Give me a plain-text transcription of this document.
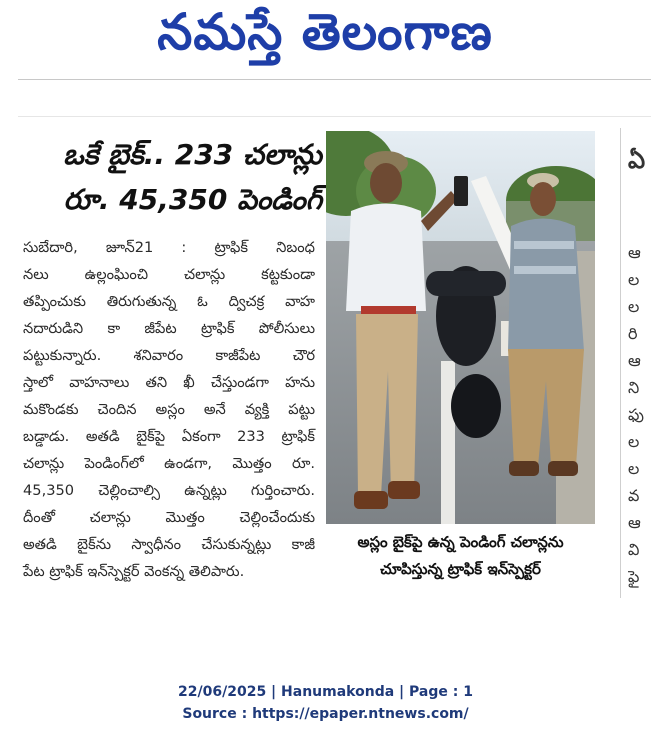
నమస్తే తెలంగాణ
ఒకే బైక్.. 233 చలాన్లు
రూ. 45,350 పెండింగ్
సుబేదారి, జూన్21 : ట్రాఫిక్ నిబంధ
నలు ఉల్లంఘించి చలాన్లు కట్టకుండా
తప్పించుకు తిరుగుతున్న ఓ ద్విచక్ర వాహ
నదారుడిని కా జీపేట ట్రాఫిక్ పోలీసులు
పట్టుకున్నారు. శనివారం కాజీపేట చౌర
స్తాలో వాహనాలు తని ఖీ చేస్తుండగా హను
మకొండకు చెందిన అస్లం అనే వ్యక్తి పట్టు
బడ్డాడు. అతడి బైక్‌పై ఏకంగా 233 ట్రాఫిక్
చలాన్లు పెండింగ్‌లో ఉండగా, మొత్తం రూ.
45,350 చెల్లించాల్సి ఉన్నట్లు గుర్తించారు.
దీంతో చలాన్లు మొత్తం చెల్లించేందుకు
అతడి బైక్‌ను స్వాధీనం చేసుకున్నట్లు కాజీ
పేట ట్రాఫిక్ ఇన్‌స్పెక్టర్ వెంకన్న తెలిపారు.
అస్లం బైక్‌పై ఉన్న పెండింగ్ చలాన్లను
చూపిస్తున్న ట్రాఫిక్ ఇన్‌స్పెక్టర్
ఏ
ఆ
ల
ల
రి
ఆ
ని
ఫు
ల
ల
వ
ఆ
వి
ఫై
22/06/2025 | Hanumakonda | Page : 1
Source : https://epaper.ntnews.com/
